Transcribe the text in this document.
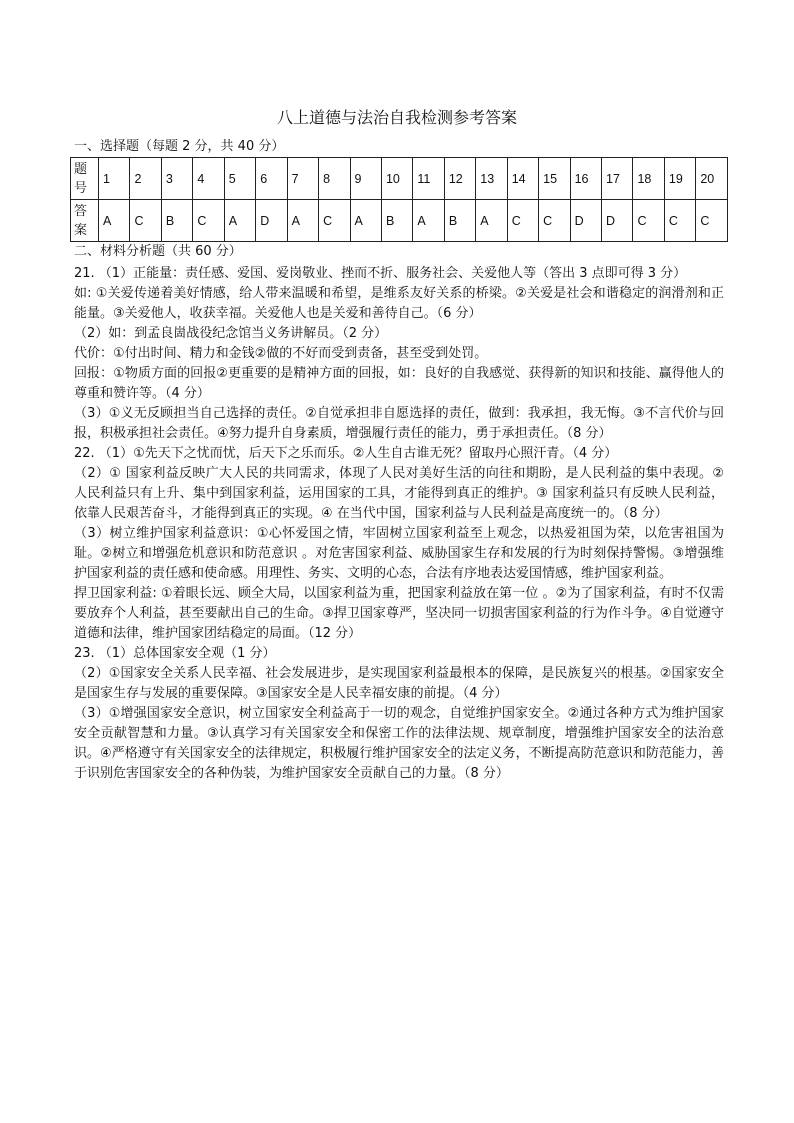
八上道德与法治自我检测参考答案
一、选择题（每题 2 分，共 40 分）
题
号	1	2	3	4	5	6	7	8	9	10	11	12	13	14	15	16	17	18	19	20
答
案	A	C	B	C	A	D	A	C	A	B	A	B	A	C	C	D	D	C	C	C
二、材料分析题（共 60 分）

21. （1）正能量：责任感、爱国、爱岗敬业、挫而不折、服务社会、关爱他人等（答出 3 点即可得 3 分）

如: ①关爱传递着美好情感，给人带来温暖和希望，是维系友好关系的桥梁。②关爱是社会和谐稳定的润滑剂和正能量。③关爱他人，收获幸福。关爱他人也是关爱和善待自己。（6 分）

（2）如：到孟良崮战役纪念馆当义务讲解员。（2 分）

代价：①付出时间、精力和金钱②做的不好而受到责备，甚至受到处罚。

回报：①物质方面的回报②更重要的是精神方面的回报，如：良好的自我感觉、获得新的知识和技能、赢得他人的尊重和赞许等。（4 分）

（3）①义无反顾担当自己选择的责任。②自觉承担非自愿选择的责任，做到：我承担，我无悔。③不言代价与回报，积极承担社会责任。④努力提升自身素质，增强履行责任的能力，勇于承担责任。（8 分）

22. （1）①先天下之忧而忧，后天下之乐而乐。②人生自古谁无死？留取丹心照汗青。（4 分）

（2）① 国家利益反映广大人民的共同需求，体现了人民对美好生活的向往和期盼，是人民利益的集中表现。② 人民利益只有上升、集中到国家利益，运用国家的工具，才能得到真正的维护。③ 国家利益只有反映人民利益，依靠人民艰苦奋斗，才能得到真正的实现。④ 在当代中国，国家利益与人民利益是高度统一的。（8 分）

（3）树立维护国家利益意识：①心怀爱国之情，牢固树立国家利益至上观念，以热爱祖国为荣，以危害祖国为耻。②树立和增强危机意识和防范意识 。对危害国家利益、威胁国家生存和发展的行为时刻保持警惕。③增强维护国家利益的责任感和使命感。用理性、务实、文明的心态，合法有序地表达爱国情感，维护国家利益。

捍卫国家利益: ①着眼长远、顾全大局，以国家利益为重，把国家利益放在第一位 。②为了国家利益，有时不仅需要放弃个人利益，甚至要献出自己的生命。③捍卫国家尊严，坚决同一切损害国家利益的行为作斗争。④自觉遵守道德和法律，维护国家团结稳定的局面。（12 分）

23. （1）总体国家安全观（1 分）

（2）①国家安全关系人民幸福、社会发展进步，是实现国家利益最根本的保障，是民族复兴的根基。②国家安全是国家生存与发展的重要保障。③国家安全是人民幸福安康的前提。（4 分）

（3）①增强国家安全意识，树立国家安全利益高于一切的观念，自觉维护国家安全。②通过各种方式为维护国家安全贡献智慧和力量。③认真学习有关国家安全和保密工作的法律法规、规章制度，增强维护国家安全的法治意识。④严格遵守有关国家安全的法律规定，积极履行维护国家安全的法定义务，不断提高防范意识和防范能力，善于识别危害国家安全的各种伪装，为维护国家安全贡献自己的力量。（8 分）
